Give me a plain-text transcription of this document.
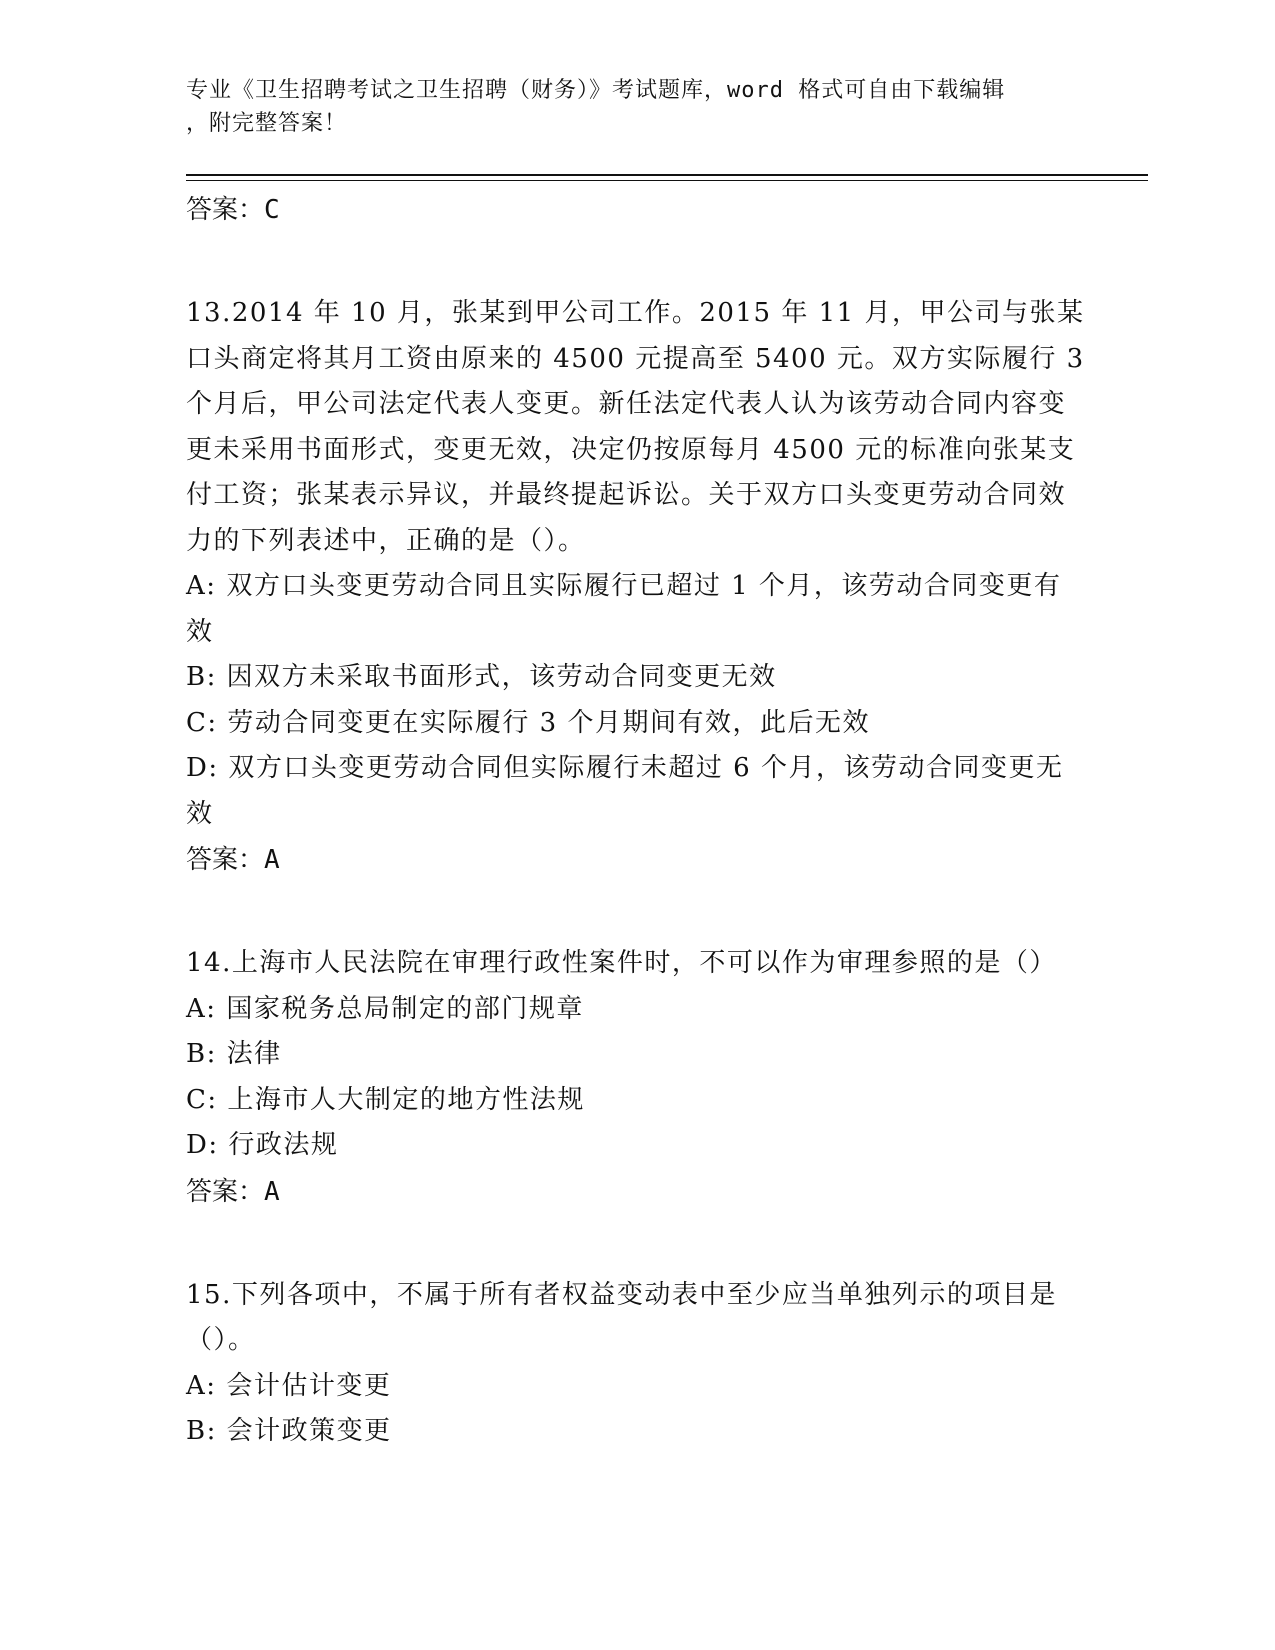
专业《卫生招聘考试之卫生招聘（财务）》考试题库，word 格式可自由下载编辑
，附完整答案！

答案：C

13.2014 年 10 月，张某到甲公司工作。2015 年 11 月，甲公司与张某口头商定将其月工资由原来的 4500 元提高至 5400 元。双方实际履行 3 个月后，甲公司法定代表人变更。新任法定代表人认为该劳动合同内容变更未采用书面形式，变更无效，决定仍按原每月 4500 元的标准向张某支付工资；张某表示异议，并最终提起诉讼。关于双方口头变更劳动合同效力的下列表述中，正确的是（）。

A: 双方口头变更劳动合同且实际履行已超过 1 个月，该劳动合同变更有效

B: 因双方未采取书面形式，该劳动合同变更无效

C: 劳动合同变更在实际履行 3 个月期间有效，此后无效

D: 双方口头变更劳动合同但实际履行未超过 6 个月，该劳动合同变更无效

答案：A

14.上海市人民法院在审理行政性案件时，不可以作为审理参照的是（）

A: 国家税务总局制定的部门规章

B: 法律

C: 上海市人大制定的地方性法规

D: 行政法规

答案：A

15.下列各项中，不属于所有者权益变动表中至少应当单独列示的项目是（）。

A: 会计估计变更

B: 会计政策变更
